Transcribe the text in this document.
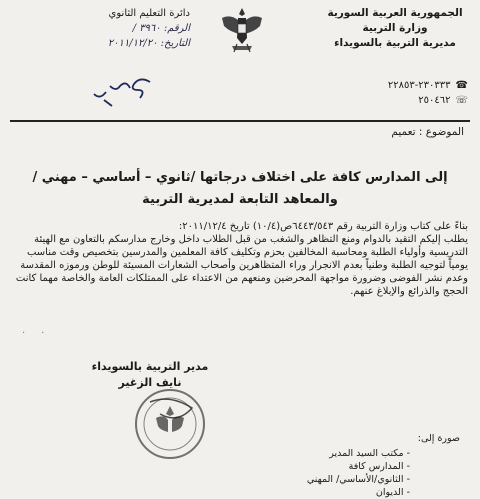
الجمهورية العربية السورية
وزارة التربية
مديرية التربية بالسويداء
٢٣٠٣٣٣-٢٢٨٥٣ ☎
٢٥٠٤٦٢ ☏
دائرة التعليم الثانوي
الرقم: ٣٩٦٠ /
التاريخ: ٢٠١١/١٢/٢٠
الموضوع : تعميم
إلى المدارس كافة على اختلاف درجاتها /ثانوي – أساسي – مهني /
والمعاهد التابعة لمديرية التربية

بناءً على كتاب وزارة التربية رقم ٦٤٤٣/٥٤٣ص(١٠/٤) تاريخ ٢٠١١/١٢/٤:

يطلب إليكم التقيد بالدوام ومنع التظاهر والشغب من قبل الطلاب داخل وخارج مدارسكم بالتعاون مع الهيئة التدريسية وأولياء الطلبة ومحاسبة المخالفين بحزم وتكليف كافة المعلمين والمدرسين بتخصيص وقت مناسب يومياً لتوجيه الطلبة وطنياً بعدم الانجرار وراء المتظاهرين وأصحاب الشعارات المسيئة للوطن ورموزه المقدسة وعدم نشر الفوضى وضرورة مواجهة المحرضين ومنعهم من الاعتداء على الممتلكات العامة والخاصة مهما كانت الحجج والذرائع والإبلاغ عنهم.

.     .
مدير التربية بالسويداء
نايف الزغير
صورة إلى:
- مكتب السيد المدير
- المدارس كافة
- الثانوي/الأساسي/ المهني
- الديوان
